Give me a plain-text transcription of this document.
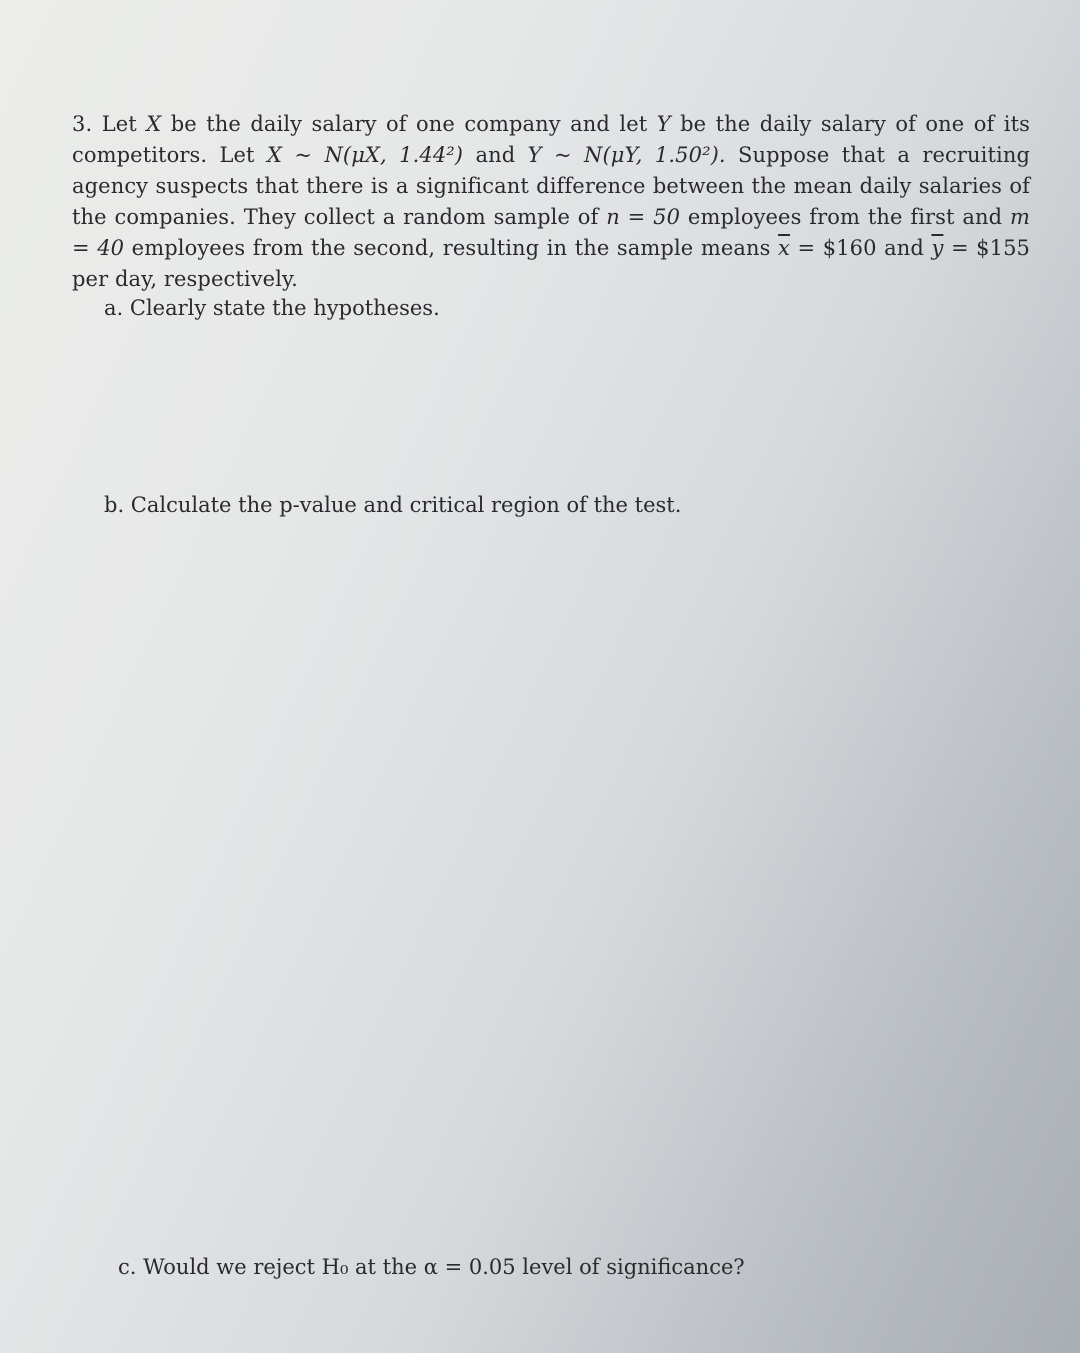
3. Let X be the daily salary of one company and let Y be the daily salary of one of its competitors. Let X ~ N(μX, 1.44²) and Y ~ N(μY, 1.50²). Suppose that a recruiting agency suspects that there is a significant difference between the mean daily salaries of the companies. They collect a random sample of n = 50 employees from the first and m = 40 employees from the second, resulting in the sample means $\overline{x}$ = $160 and $\overline{y}$ = $155 per day, respectively.

a. Clearly state the hypotheses.
b. Calculate the p-value and critical region of the test.
c. Would we reject H₀ at the α = 0.05 level of significance?
